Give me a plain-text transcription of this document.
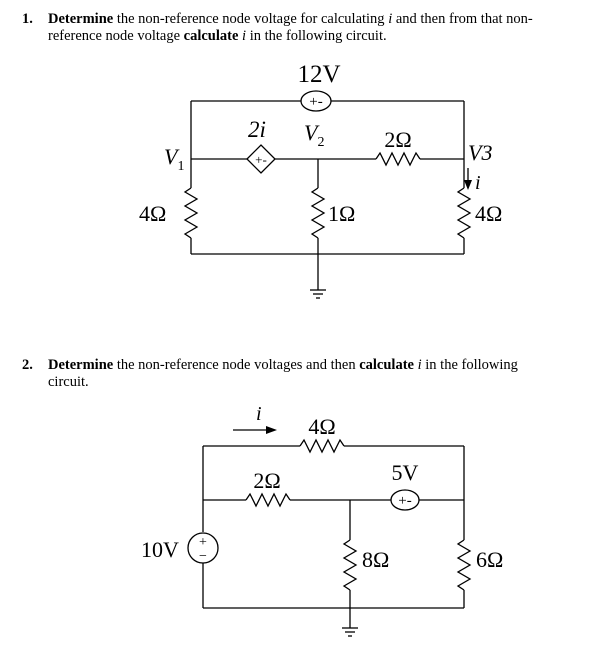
1. Determine the non-reference node voltage for calculating i and then from that non-
reference node voltage calculate i in the following circuit.
2. Determine the non-reference node voltages and then calculate i in the following
circuit.
+-
12V
4Ω
$V_1$	+-
2i	2Ω
$V_2$
1Ω	4Ω
V3
i
i 4Ω
+
−
10V
2Ω
+-
5V
8Ω	6Ω
